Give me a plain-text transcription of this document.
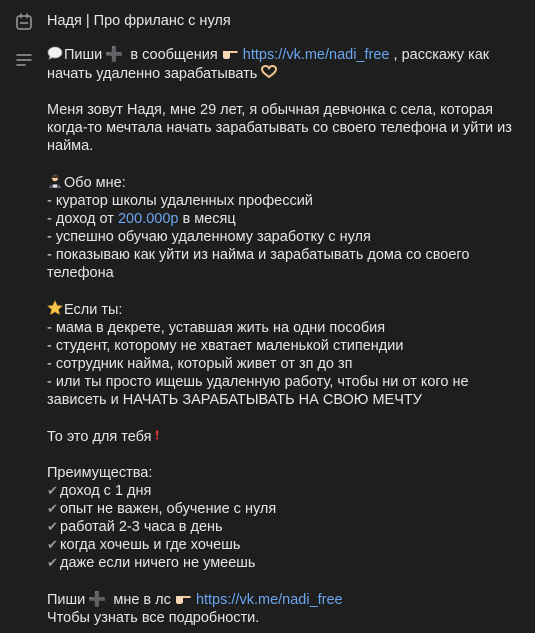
Надя | Про фриланс с нуля

Пиши ➕ в сообщения  https://vk.me/nadi_free , расскажу как начать удаленно зарабатывать

Меня зовут Надя, мне 29 лет, я обычная девчонка с села, которая когда-то мечтала начать зарабатывать со своего телефона и уйти из найма.

Обо мне:

- куратор школы удаленных профессий

- доход от 200.000р в месяц

- успешно обучаю удаленному заработку с нуля

- показываю как уйти из найма и зарабатывать дома со своего телефона

Если ты:

- мама в декрете, уставшая жить на одни пособия

- студент, которому не хватает маленькой стипендии

- сотрудник найма, который живет от зп до зп

- или ты просто ищешь удаленную работу, чтобы ни от кого не зависеть и НАЧАТЬ ЗАРАБАТЫВАТЬ НА СВОЮ МЕЧТУ

То это для тебя

Преимущества:

✔ доход с 1 дня

✔ опыт не важен, обучение с нуля

✔ работай 2-3 часа в день

✔ когда хочешь и где хочешь

✔ даже если ничего не умеешь

Пиши ➕ мне в лс  https://vk.me/nadi_free

Чтобы узнать все подробности.
